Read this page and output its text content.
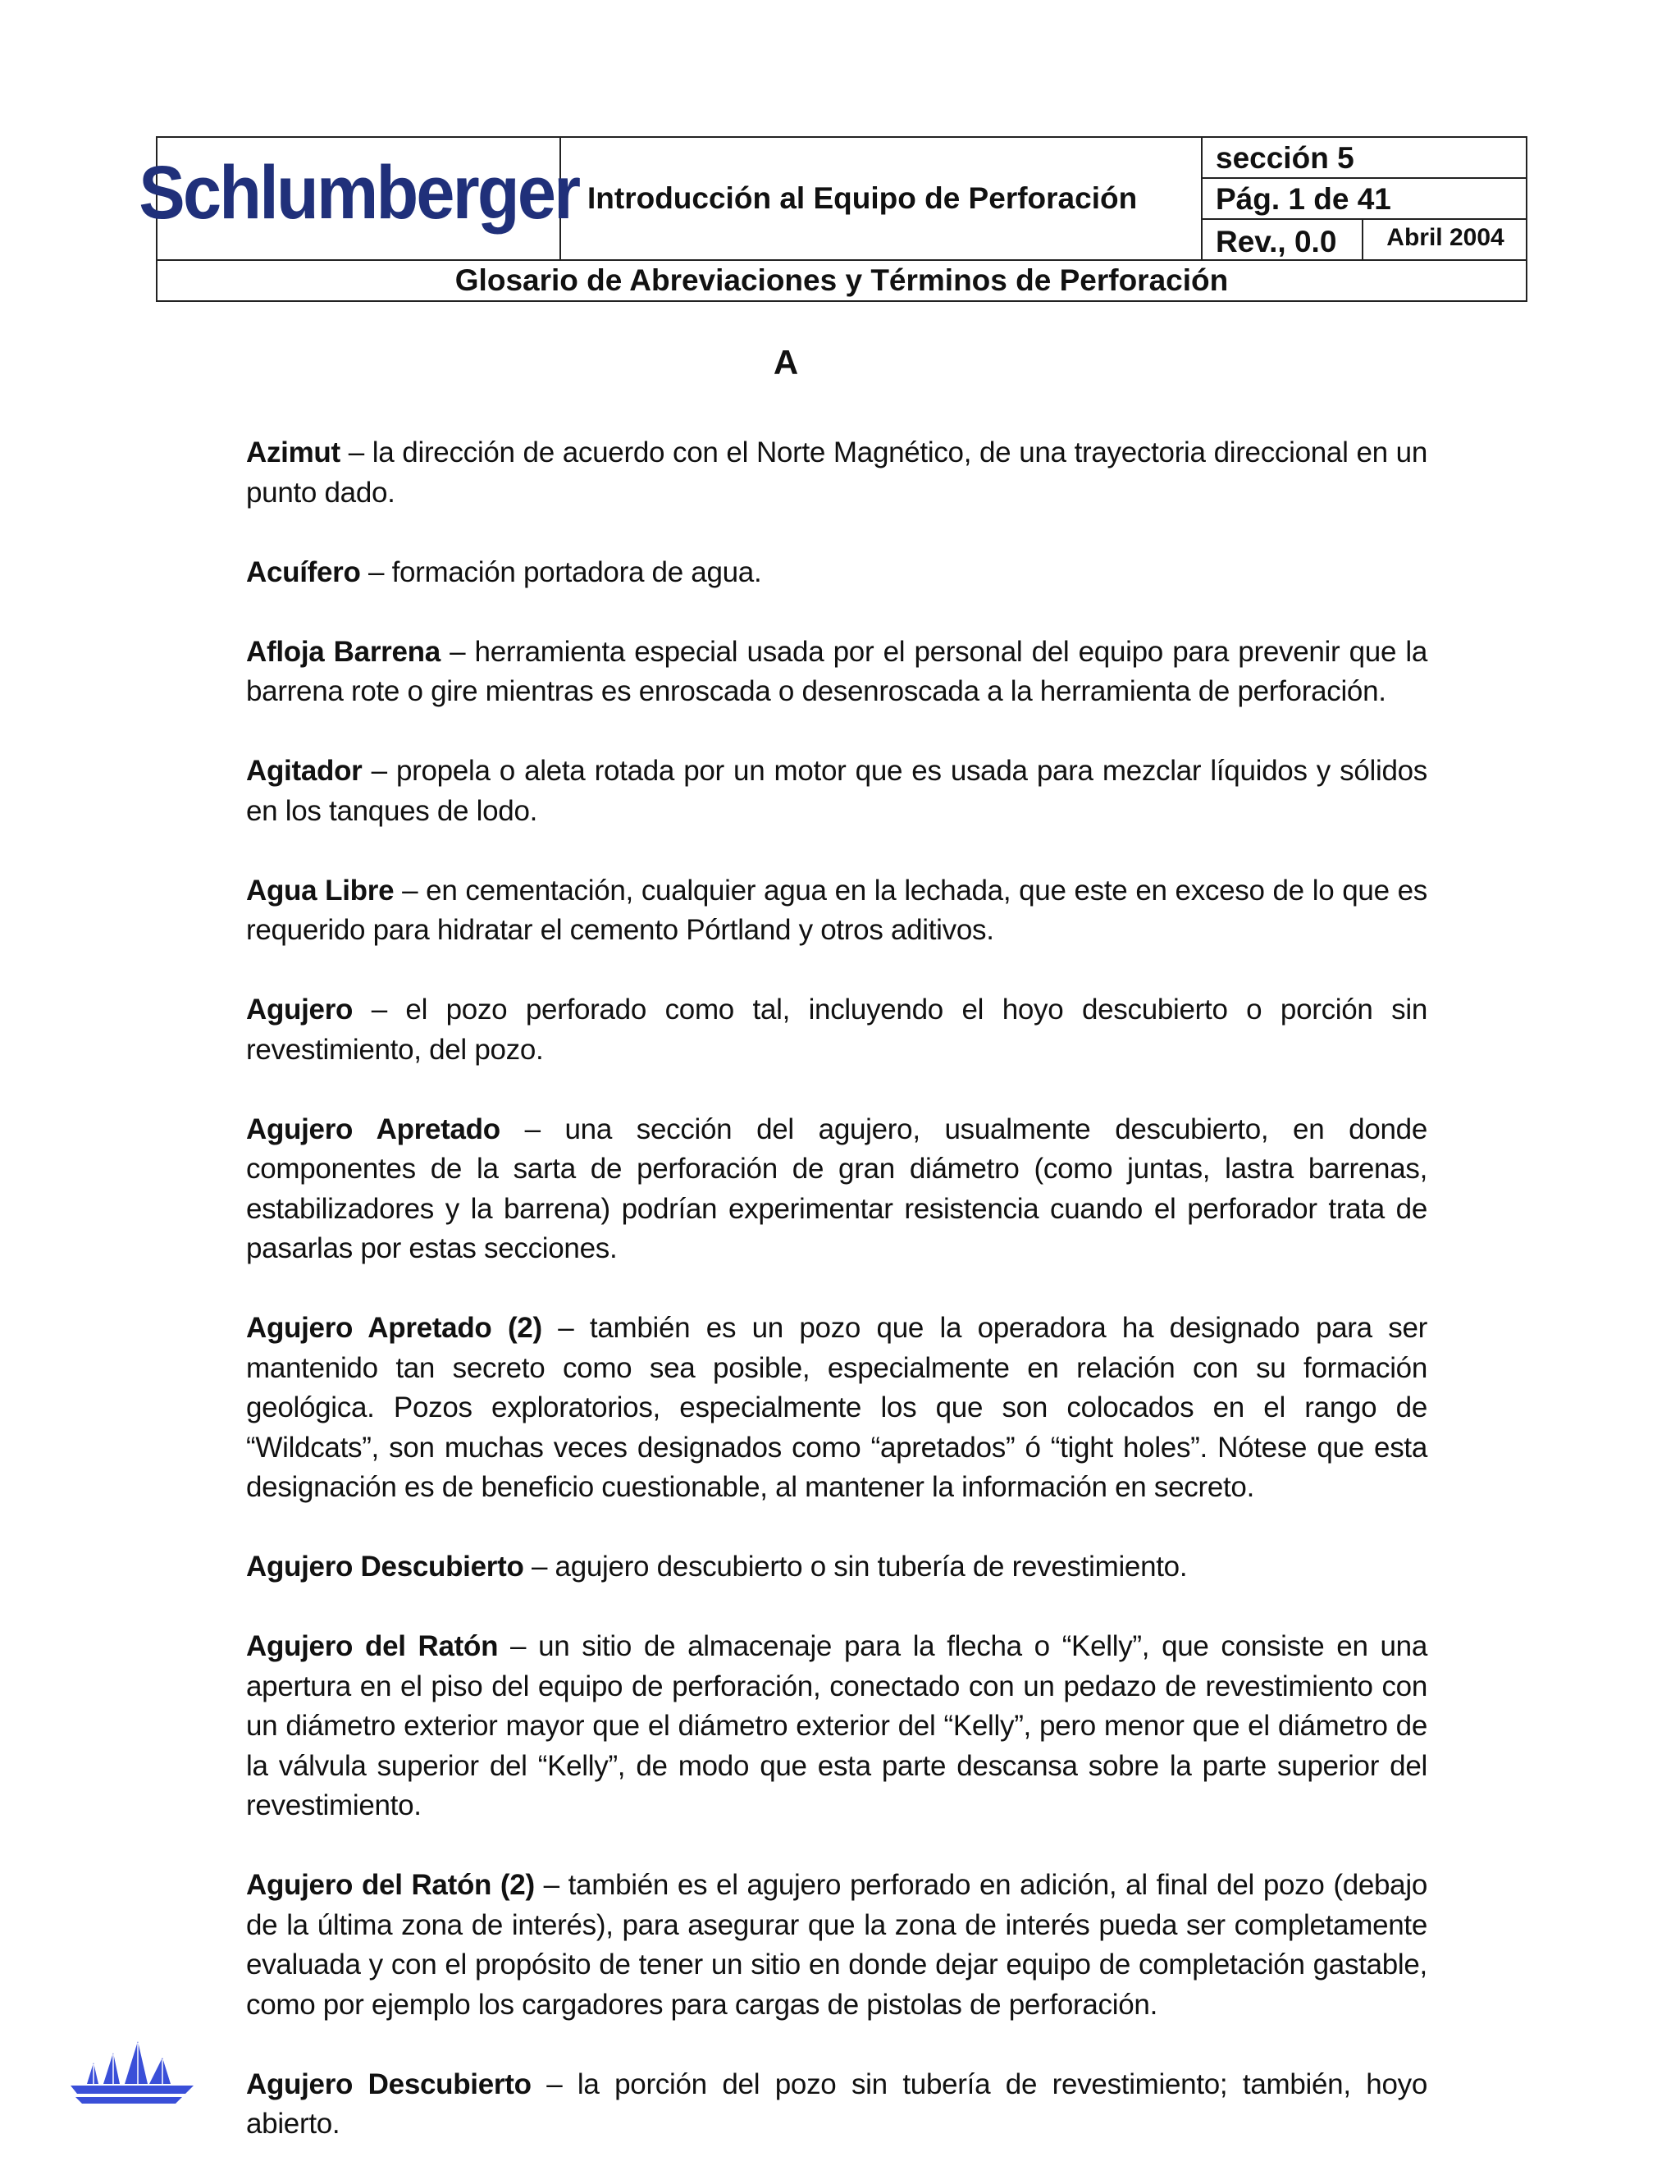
Schlumberger Introducción al Equipo de Perforación
sección 5
Pág. 1 de 41
Rev., 0.0	Abril 2004
Glosario de Abreviaciones y Términos de Perforación
A

Azimut – la dirección de acuerdo con el Norte Magnético, de una trayectoria direccional en un punto dado.

Acuífero – formación portadora de agua.

Afloja Barrena – herramienta especial usada por el personal del equipo para prevenir que la barrena rote o gire mientras es enroscada o desenroscada a la herramienta de perforación.

Agitador – propela o aleta rotada por un motor que es usada para mezclar líquidos y sólidos en los tanques de lodo.

Agua Libre – en cementación, cualquier agua en la lechada, que este en exceso de lo que es requerido para hidratar el cemento Pórtland y otros aditivos.

Agujero – el pozo perforado como tal, incluyendo el hoyo descubierto o porción sin revestimiento, del pozo.

Agujero Apretado – una sección del agujero, usualmente descubierto, en donde componentes de la sarta de perforación de gran diámetro (como juntas, lastra barrenas, estabilizadores y la barrena) podrían experimentar resistencia cuando el perforador trata de pasarlas por estas secciones.

Agujero Apretado (2) – también es un pozo que la operadora ha designado para ser mantenido tan secreto como sea posible, especialmente en relación con su formación geológica. Pozos exploratorios, especialmente los que son colocados en el rango de “Wildcats”, son muchas veces designados como “apretados” ó “tight holes”. Nótese que esta designación es de beneficio cuestionable, al mantener la información en secreto.

Agujero Descubierto – agujero descubierto o sin tubería de revestimiento.

Agujero del Ratón – un sitio de almacenaje para la flecha o “Kelly”, que consiste en una apertura en el piso del equipo de perforación, conectado con un pedazo de revestimiento con un diámetro exterior mayor que el diámetro exterior del “Kelly”, pero menor que el diámetro de la válvula superior del “Kelly”, de modo que esta parte descansa sobre la parte superior del revestimiento.

Agujero del Ratón (2) – también es el agujero perforado en adición, al final del pozo (debajo de la última zona de interés), para asegurar que la zona de interés pueda ser completamente evaluada y con el propósito de tener un sitio en donde dejar equipo de completación gastable, como por ejemplo los cargadores para cargas de pistolas de perforación.

Agujero Descubierto – la porción del pozo sin tubería de revestimiento; también, hoyo abierto.
